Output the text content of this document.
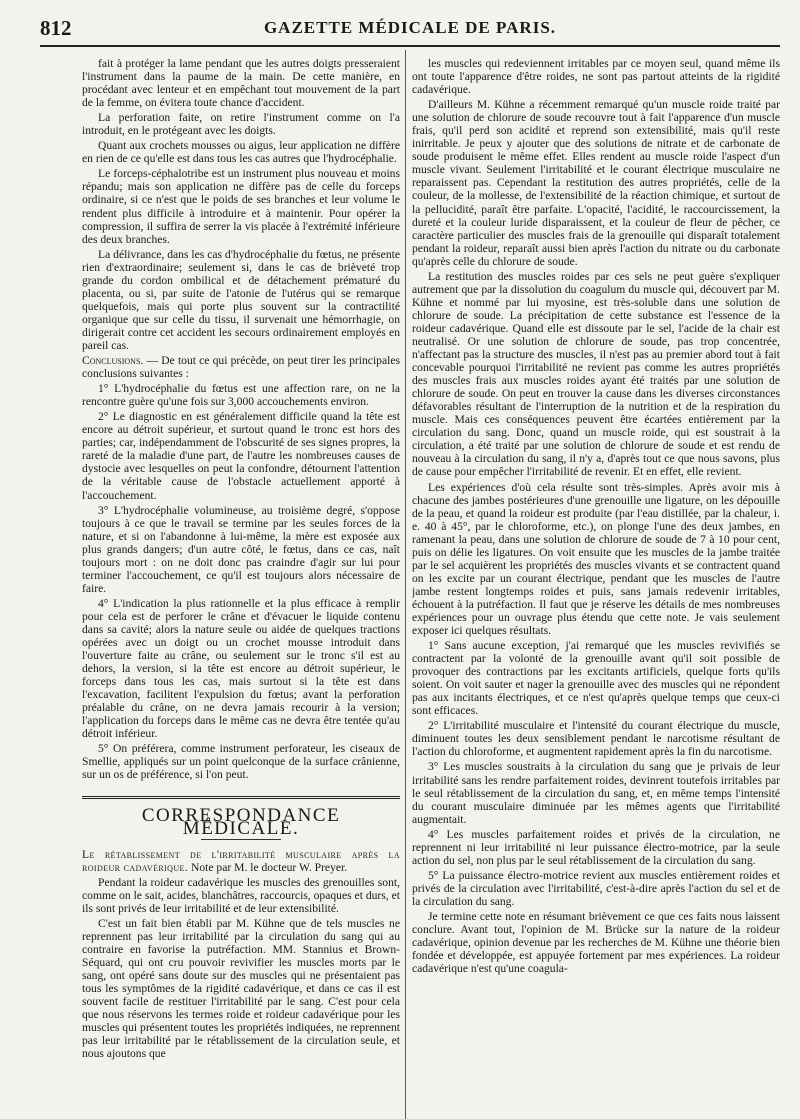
812	GAZETTE MÉDICALE DE PARIS.

fait à protéger la lame pendant que les autres doigts presseraient l'instrument dans la paume de la main. De cette manière, en procédant avec lenteur et en empêchant tout mouvement de la part de la femme, on évitera toute chance d'accident.

La perforation faite, on retire l'instrument comme on l'a introduit, en le protégeant avec les doigts.

Quant aux crochets mousses ou aigus, leur application ne diffère en rien de ce qu'elle est dans tous les cas autres que l'hydrocéphalie.

Le forceps-céphalotribe est un instrument plus nouveau et moins répandu; mais son application ne diffère pas de celle du forceps ordinaire, si ce n'est que le poids de ses branches et leur volume le rendent plus difficile à introduire et à maintenir. Pour opérer la compression, il suffira de serrer la vis placée à l'extrémité inférieure des deux branches.

La délivrance, dans les cas d'hydrocéphalie du fœtus, ne présente rien d'extraordinaire; seulement si, dans le cas de brièveté trop grande du cordon ombilical et de détachement prématuré du placenta, ou si, par suite de l'atonie de l'utérus qui se remarque quelquefois, mais qui porte plus souvent sur la contractilité organique que sur celle du tissu, il survenait une hémorrhagie, on dirigerait contre cet accident les secours ordinairement employés en pareil cas.

Conclusions. — De tout ce qui précède, on peut tirer les principales conclusions suivantes :

1° L'hydrocéphalie du fœtus est une affection rare, on ne la rencontre guère qu'une fois sur 3,000 accouchements environ.

2° Le diagnostic en est généralement difficile quand la tête est encore au détroit supérieur, et surtout quand le tronc est hors des parties; car, indépendamment de l'obscurité de ses signes propres, la rareté de la maladie d'une part, de l'autre les nombreuses causes de dystocie avec lesquelles on peut la confondre, détournent l'attention de la véritable cause de l'obstacle actuellement apporté à l'accouchement.

3° L'hydrocéphalie volumineuse, au troisième degré, s'oppose toujours à ce que le travail se termine par les seules forces de la nature, et si on l'abandonne à lui-même, la mère est exposée aux plus grands dangers; d'un autre côté, le fœtus, dans ce cas, naît toujours mort : on ne doit donc pas craindre d'agir sur lui pour terminer l'accouchement, ce qu'il est toujours alors nécessaire de faire.

4° L'indication la plus rationnelle et la plus efficace à remplir pour cela est de perforer le crâne et d'évacuer le liquide contenu dans sa cavité; alors la nature seule ou aidée de quelques tractions opérées avec un doigt ou un crochet mousse introduit dans l'ouverture faite au crâne, ou seulement sur le tronc s'il est au dehors, la version, si la tête est encore au détroit supérieur, le forceps dans tous les cas, mais surtout si la tête est dans l'excavation, facilitent l'expulsion du fœtus; avant la perforation préalable du crâne, on ne devra jamais recourir à la version; l'application du forceps dans le même cas ne devra être tentée qu'au détroit inférieur.

5° On préférera, comme instrument perforateur, les ciseaux de Smellie, appliqués sur un point quelconque de la surface crânienne, sur un os de préférence, si l'on peut.

CORRESPONDANCE MÉDICALE.

Le rétablissement de l'irritabilité musculaire après la roideur cadavérique. Note par M. le docteur W. Preyer.

Pendant la roideur cadavérique les muscles des grenouilles sont, comme on le sait, acides, blanchâtres, raccourcis, opaques et durs, et ils sont privés de leur irritabilité et de leur extensibilité.

C'est un fait bien établi par M. Kühne que de tels muscles ne reprennent pas leur irritabilité par la circulation du sang qui au contraire en favorise la putréfaction. MM. Stannius et Brown-Séquard, qui ont cru pouvoir revivifier les muscles morts par le sang, ont opéré sans doute sur des muscles qui ne présentaient pas tous les symptômes de la rigidité cadavérique, et dans ce cas il est souvent facile de restituer l'irritabilité par le sang. C'est pour cela que nous réservons les termes roide et roideur cadavérique pour les muscles qui présentent toutes les propriétés indiquées, ne reprennent pas leur irritabilité par le rétablissement de la circulation seule, et nous ajoutons que

les muscles qui redeviennent irritables par ce moyen seul, quand même ils ont toute l'apparence d'être roides, ne sont pas partout atteints de la rigidité cadavérique.

D'ailleurs M. Kühne a récemment remarqué qu'un muscle roide traité par une solution de chlorure de soude recouvre tout à fait l'apparence d'un muscle frais, qu'il perd son acidité et reprend son extensibilité, mais qu'il reste inirritable. Je peux y ajouter que des solutions de nitrate et de carbonate de soude produisent le même effet. Elles rendent au muscle roide l'aspect d'un muscle vivant. Seulement l'irritabilité et le courant électrique musculaire ne reparaissent pas. Cependant la restitution des autres propriétés, celle de la couleur, de la mollesse, de l'extensibilité de la réaction chimique, et surtout de la pellucidité, paraît être parfaite. L'opacité, l'acidité, le raccourcissement, la dureté et la couleur luride disparaissent, et la couleur de fleur de pêcher, ce caractère particulier des muscles frais de la grenouille qui disparaît totalement pendant la roideur, reparaît aussi bien après l'action du nitrate ou du carbonate qu'après celle du chlorure de soude.

La restitution des muscles roides par ces sels ne peut guère s'expliquer autrement que par la dissolution du coagulum du muscle qui, découvert par M. Kühne et nommé par lui myosine, est très-soluble dans une solution de chlorure de soude. La précipitation de cette substance est l'essence de la roideur cadavérique. Quand elle est dissoute par le sel, l'acide de la chair est neutralisé. Or une solution de chlorure de soude, pas trop concentrée, n'affectant pas la structure des muscles, il n'est pas au premier abord tout à fait concevable pourquoi l'irritabilité ne revient pas comme les autres propriétés des muscles frais aux muscles roides ayant été traités par une solution de chlorure de soude. On peut en trouver la cause dans les diverses circonstances défavorables résultant de l'interruption de la nutrition et de la respiration du muscle. Mais ces conséquences peuvent être écartées entièrement par la circulation du sang. Donc, quand un muscle roide, qui est soustrait à la circulation, a été traité par une solution de chlorure de soude et est rendu de nouveau à la circulation du sang, il n'y a, d'après tout ce que nous savons, plus de cause pour empêcher l'irritabilité de revenir. Et en effet, elle revient.

Les expériences d'où cela résulte sont très-simples. Après avoir mis à chacune des jambes postérieures d'une grenouille une ligature, on les dépouille de la peau, et quand la roideur est produite (par l'eau distillée, par la chaleur, i. e. 40 à 45°, par le chloroforme, etc.), on plonge l'une des deux jambes, en ramenant la peau, dans une solution de chlorure de soude de 7 à 10 pour cent, puis on délie les ligatures. On voit ensuite que les muscles de la jambe traitée par le sel acquièrent les propriétés des muscles vivants et se contractent quand on les excite par un courant électrique, pendant que les muscles de l'autre jambe restent longtemps roides et puis, sans jamais redevenir irritables, échouent à la putréfaction. Il faut que je réserve les détails de mes nombreuses expériences pour un ouvrage plus étendu que cette note. Je vais seulement exposer ici quelques résultats.

1° Sans aucune exception, j'ai remarqué que les muscles revivifiés se contractent par la volonté de la grenouille avant qu'il soit possible de provoquer des contractions par les excitants artificiels, quelque forts qu'ils soient. On voit sauter et nager la grenouille avec des muscles qui ne répondent pas aux incitants électriques, et ce n'est qu'après quelque temps que ceux-ci sont efficaces.

2° L'irritabilité musculaire et l'intensité du courant électrique du muscle, diminuent toutes les deux sensiblement pendant le narcotisme résultant de l'action du chloroforme, et augmentent rapidement après la fin du narcotisme.

3° Les muscles soustraits à la circulation du sang que je privais de leur irritabilité sans les rendre parfaitement roides, devinrent toutefois irritables par le seul rétablissement de la circulation du sang, et, en même temps l'intensité du courant musculaire diminuée par les mêmes agents que l'irritabilité augmentait.

4° Les muscles parfaitement roides et privés de la circulation, ne reprennent ni leur irritabilité ni leur puissance électro-motrice, par la seule action du sel, non plus par le seul rétablissement de la circulation du sang.

5° La puissance électro-motrice revient aux muscles entièrement roides et privés de la circulation avec l'irritabilité, c'est-à-dire après l'action du sel et de la circulation du sang.

Je termine cette note en résumant brièvement ce que ces faits nous laissent conclure. Avant tout, l'opinion de M. Brücke sur la nature de la roideur cadavérique, opinion devenue par les recherches de M. Kühne une théorie bien fondée et développée, est appuyée fortement par mes expériences. La roideur cadavérique n'est qu'une coagula-
